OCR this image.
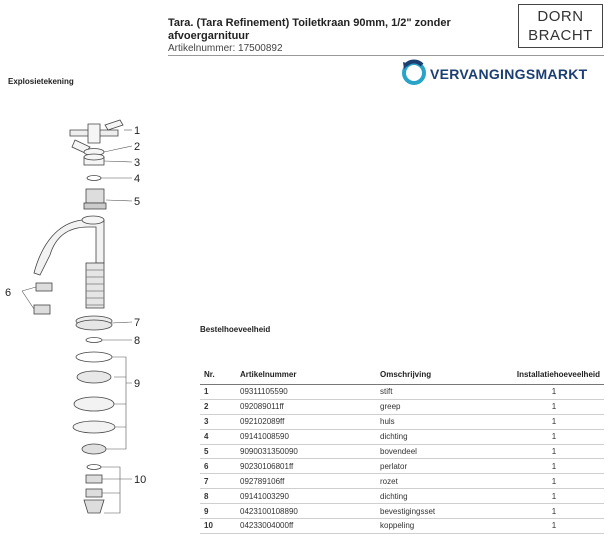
Tara. (Tara Refinement) Toiletkraan 90mm, 1/2" zonder afvoergarnituur
Artikelnummer: 17500892
DORN
BRACHT
VERVANGINGSMARKT
Explosietekening
1
2
3
4
5
6
7
8
9
10
Bestelhoeveelheid
Nr.	Artikelnummer	Omschrijving	Installatiehoeveelheid
1	09311105590	stift	1
2	092089011ff	greep	1
3	092102089ff	huls	1
4	09141008590	dichting	1
5	9090031350090	bovendeel	1
6	90230106801ff	perlator	1
7	092789106ff	rozet	1
8	09141003290	dichting	1
9	0423100108890	bevestigingsset	1
10	04233004000ff	koppeling	1
